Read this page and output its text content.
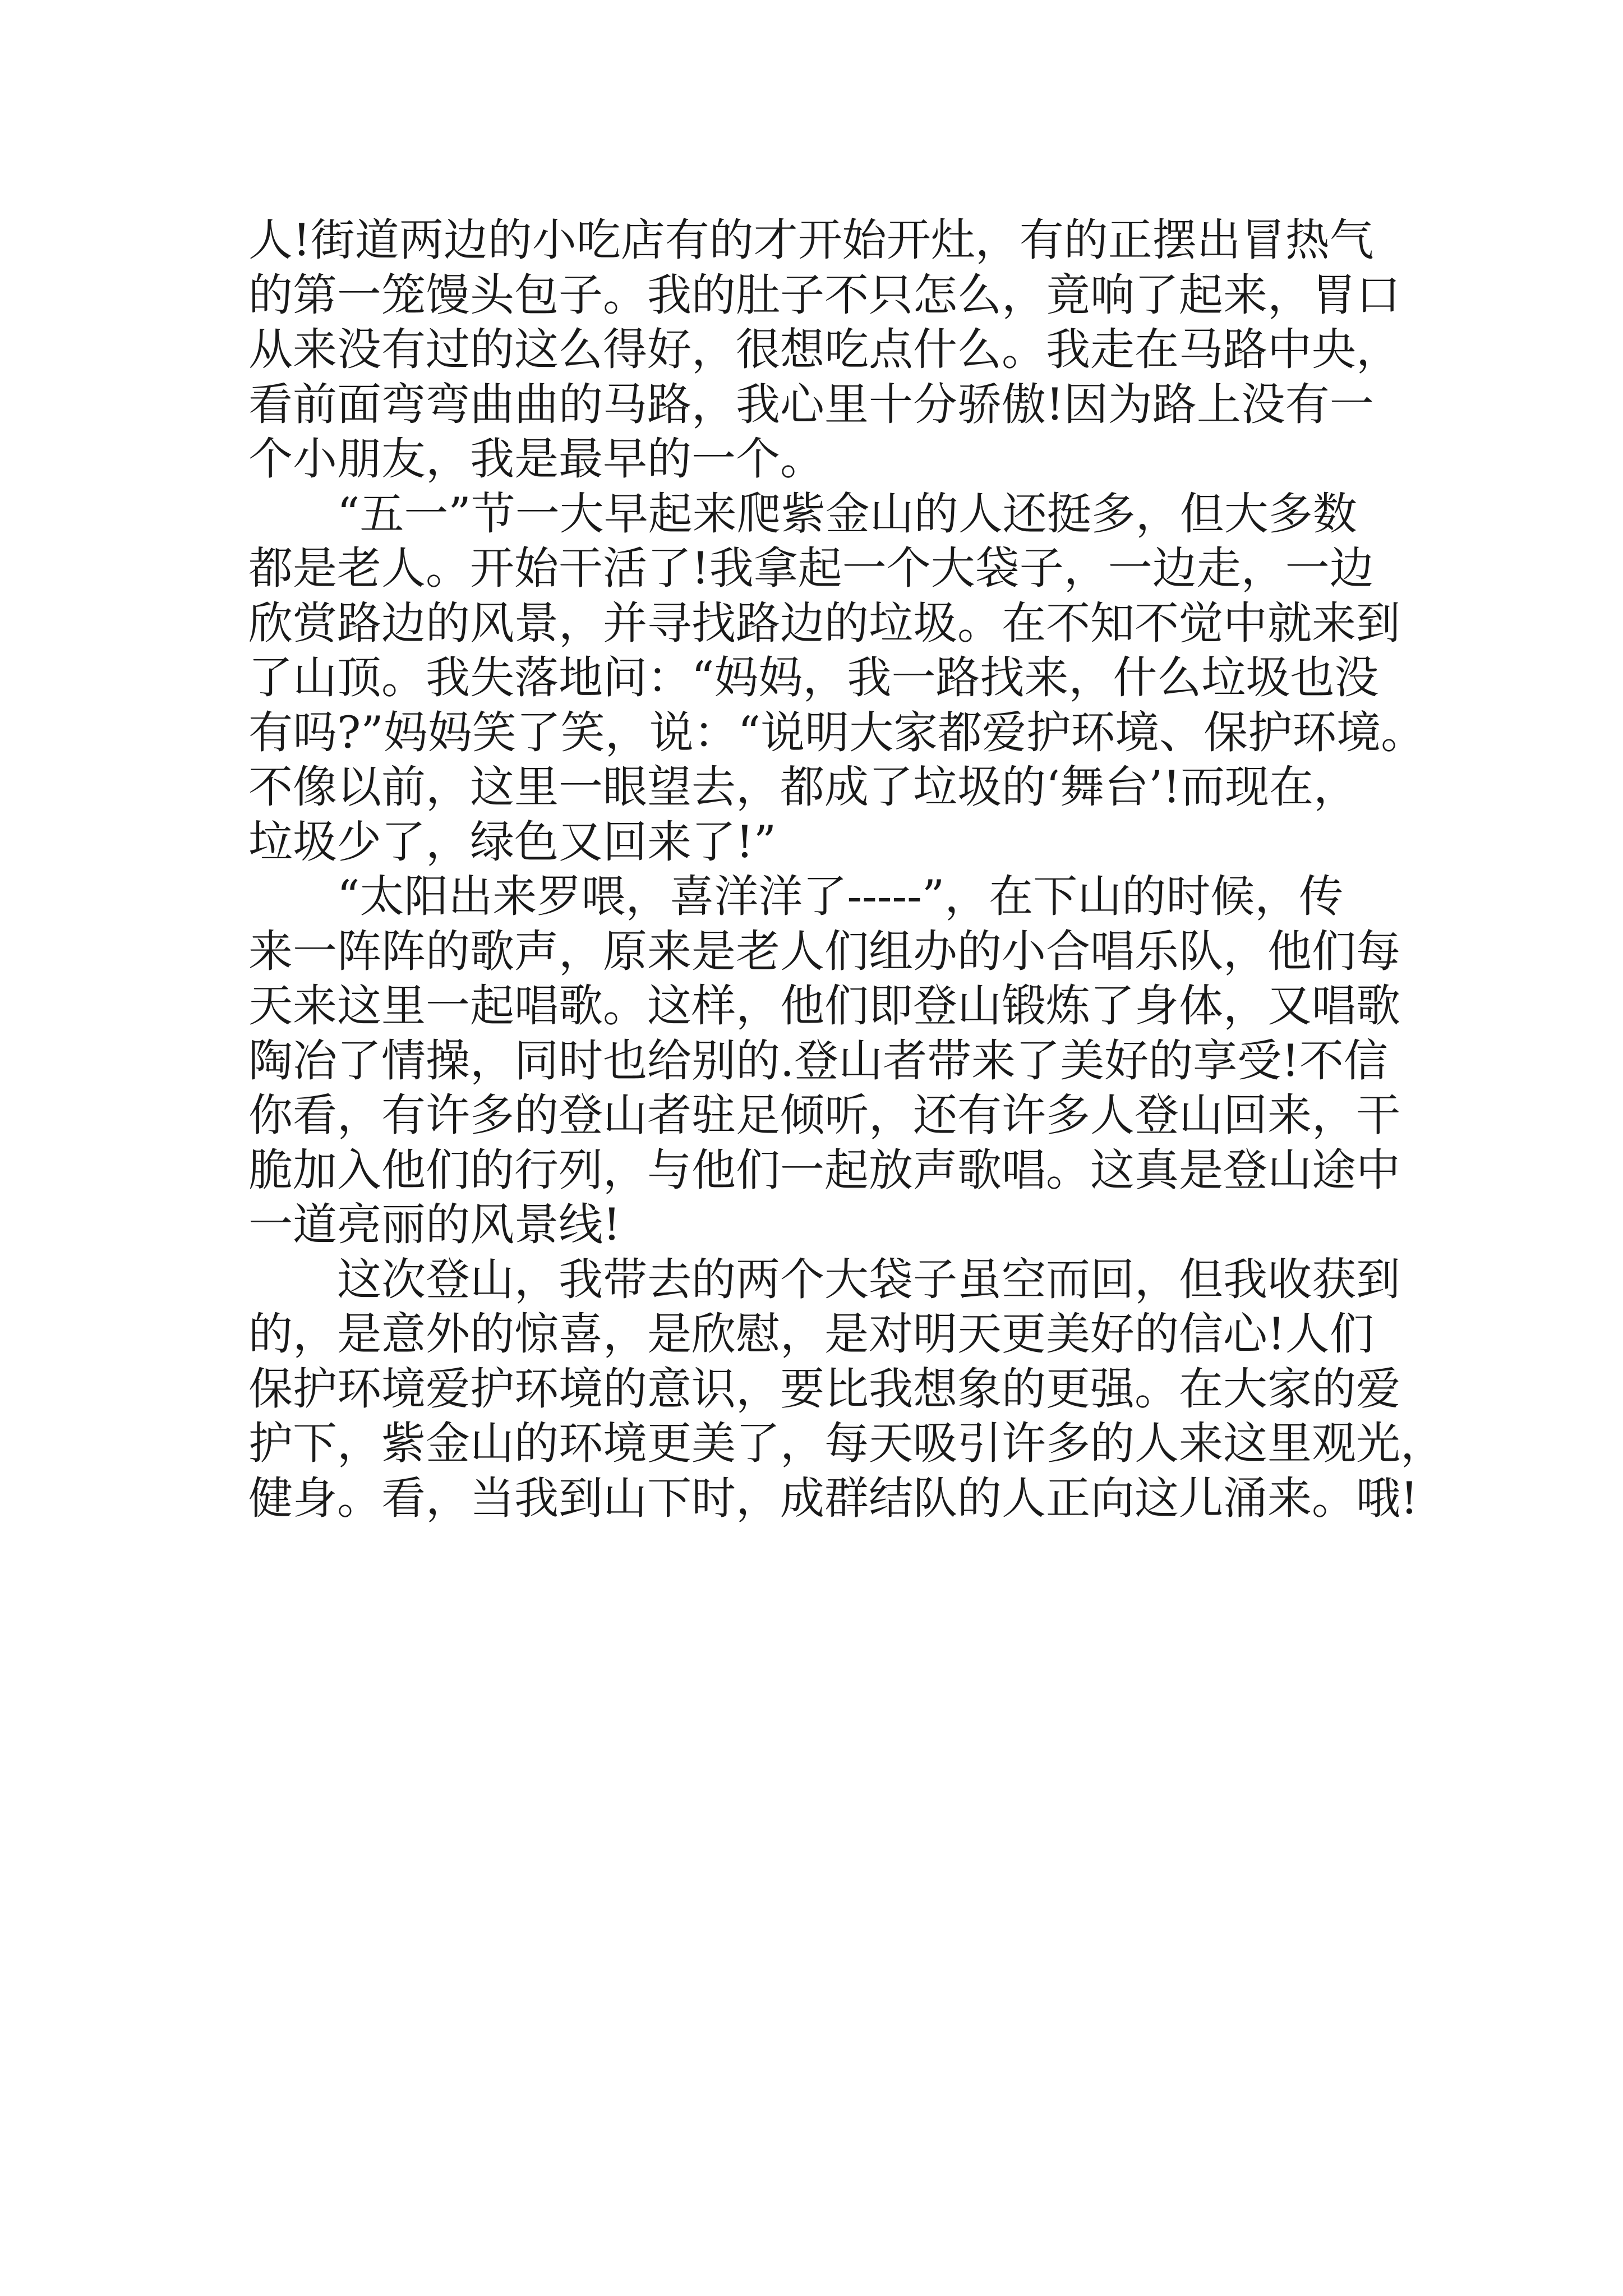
人!街道两边的小吃店有的才开始开灶，有的正摆出冒热气
的第一笼馒头包子。我的肚子不只怎么，竟响了起来，胃口
从来没有过的这么得好，很想吃点什么。我走在马路中央，
看前面弯弯曲曲的马路，我心里十分骄傲!因为路上没有一
个小朋友，我是最早的一个。
“五一”节一大早起来爬紫金山的人还挺多，但大多数
都是老人。开始干活了!我拿起一个大袋子，一边走，一边
欣赏路边的风景，并寻找路边的垃圾。在不知不觉中就来到
了山顶。我失落地问：“妈妈，我一路找来，什么垃圾也没
有吗?”妈妈笑了笑，说：“说明大家都爱护环境、保护环境。
不像以前，这里一眼望去，都成了垃圾的‘舞台’!而现在，
垃圾少了，绿色又回来了!”
“太阳出来罗喂，喜洋洋了-----”，在下山的时候，传
来一阵阵的歌声，原来是老人们组办的小合唱乐队，他们每
天来这里一起唱歌。这样，他们即登山锻炼了身体，又唱歌
陶冶了情操，同时也给别的.登山者带来了美好的享受!不信
你看，有许多的登山者驻足倾听，还有许多人登山回来，干
脆加入他们的行列，与他们一起放声歌唱。这真是登山途中
一道亮丽的风景线!
这次登山，我带去的两个大袋子虽空而回，但我收获到
的，是意外的惊喜，是欣慰，是对明天更美好的信心!人们
保护环境爱护环境的意识，要比我想象的更强。在大家的爱
护下，紫金山的环境更美了，每天吸引许多的人来这里观光，
健身。看，当我到山下时，成群结队的人正向这儿涌来。哦!
